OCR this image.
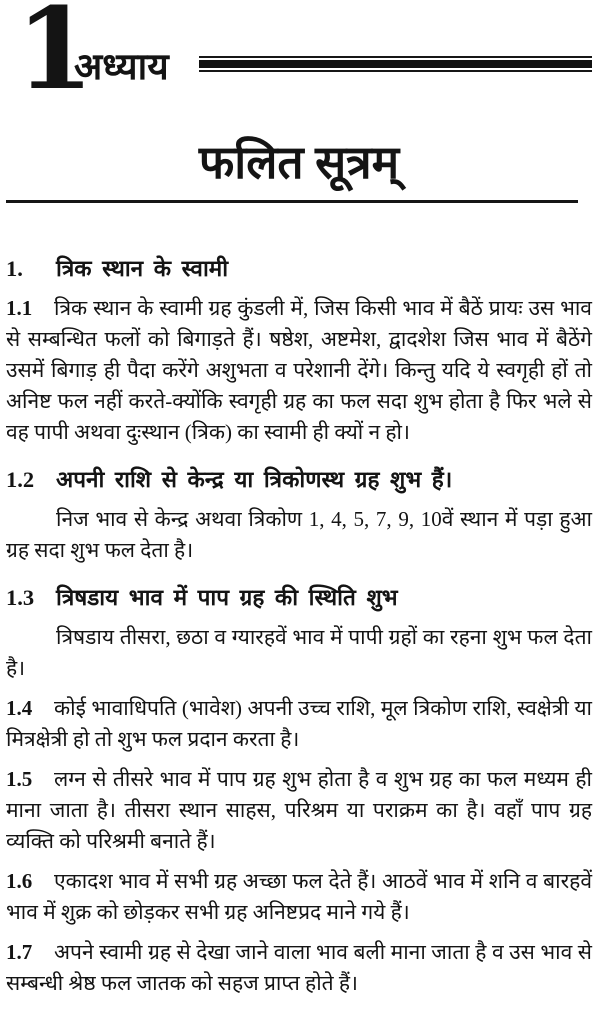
1
अध्याय
फलित सूत्रम्
1. त्रिक स्थान के स्वामी

1.1 त्रिक स्थान के स्वामी ग्रह कुंडली में, जिस किसी भाव में बैठें प्रायः उस भाव से सम्बन्धित फलों को बिगाड़ते हैं। षष्ठेश, अष्टमेश, द्वादशेश जिस भाव में बैठेंगे उसमें बिगाड़ ही पैदा करेंगे अशुभता व परेशानी देंगे। किन्तु यदि ये स्वगृही हों तो अनिष्ट फल नहीं करते-क्योंकि स्वगृही ग्रह का फल सदा शुभ होता है फिर भले से वह पापी अथवा दुःस्थान (त्रिक) का स्वामी ही क्यों न हो।

1.2 अपनी राशि से केन्द्र या त्रिकोणस्थ ग्रह शुभ हैं।

निज भाव से केन्द्र अथवा त्रिकोण 1, 4, 5, 7, 9, 10वें स्थान में पड़ा हुआ ग्रह सदा शुभ फल देता है।

1.3 त्रिषडाय भाव में पाप ग्रह की स्थिति शुभ

त्रिषडाय तीसरा, छठा व ग्यारहवें भाव में पापी ग्रहों का रहना शुभ फल देता है।

1.4 कोई भावाधिपति (भावेश) अपनी उच्च राशि, मूल त्रिकोण राशि, स्वक्षेत्री या मित्रक्षेत्री हो तो शुभ फल प्रदान करता है।

1.5 लग्न से तीसरे भाव में पाप ग्रह शुभ होता है व शुभ ग्रह का फल मध्यम ही माना जाता है। तीसरा स्थान साहस, परिश्रम या पराक्रम का है। वहाँ पाप ग्रह व्यक्ति को परिश्रमी बनाते हैं।

1.6 एकादश भाव में सभी ग्रह अच्छा फल देते हैं। आठवें भाव में शनि व बारहवें भाव में शुक्र को छोड़कर सभी ग्रह अनिष्टप्रद माने गये हैं।

1.7 अपने स्वामी ग्रह से देखा जाने वाला भाव बली माना जाता है व उस भाव से सम्बन्धी श्रेष्ठ फल जातक को सहज प्राप्त होते हैं।
